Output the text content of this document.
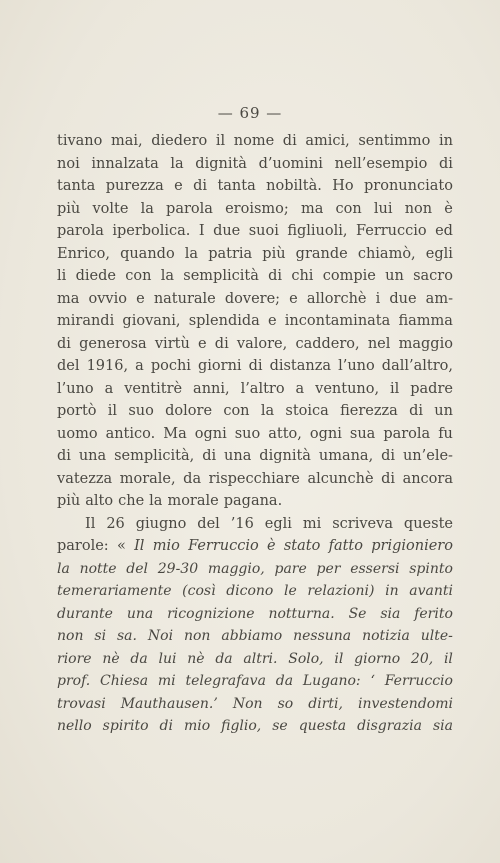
— 69 —
tivano mai, diedero il nome di amici, sentimmo in
noi innalzata la dignità d’uomini nell’esempio di
tanta purezza e di tanta nobiltà. Ho pronunciato
più volte la parola eroismo; ma con lui non è
parola iperbolica. I due suoi figliuoli, Ferruccio ed
Enrico, quando la patria più grande chiamò, egli
li diede con la semplicità di chi compie un sacro
ma ovvio e naturale dovere; e allorchè i due am-
mirandi giovani, splendida e incontaminata fiamma
di generosa virtù e di valore, caddero, nel maggio
del 1916, a pochi giorni di distanza l’uno dall’altro,
l’uno a ventitrè anni, l’altro a ventuno, il padre
portò il suo dolore con la stoica fierezza di un
uomo antico. Ma ogni suo atto, ogni sua parola fu
di una semplicità, di una dignità umana, di un’ele-
vatezza morale, da rispecchiare alcunchè di ancora
più alto che la morale pagana.
Il 26 giugno del ’16 egli mi scriveva queste
parole: « Il mio Ferruccio è stato fatto prigioniero
la notte del 29-30 maggio, pare per essersi spinto
temerariamente (così dicono le relazioni) in avanti
durante una ricognizione notturna. Se sia ferito
non si sa. Noi non abbiamo nessuna notizia ulte-
riore nè da lui nè da altri. Solo, il giorno 20, il
prof. Chiesa mi telegrafava da Lugano: ‘ Ferruccio
trovasi Mauthausen.’ Non so dirti, investendomi
nello spirito di mio figlio, se questa disgrazia sia
